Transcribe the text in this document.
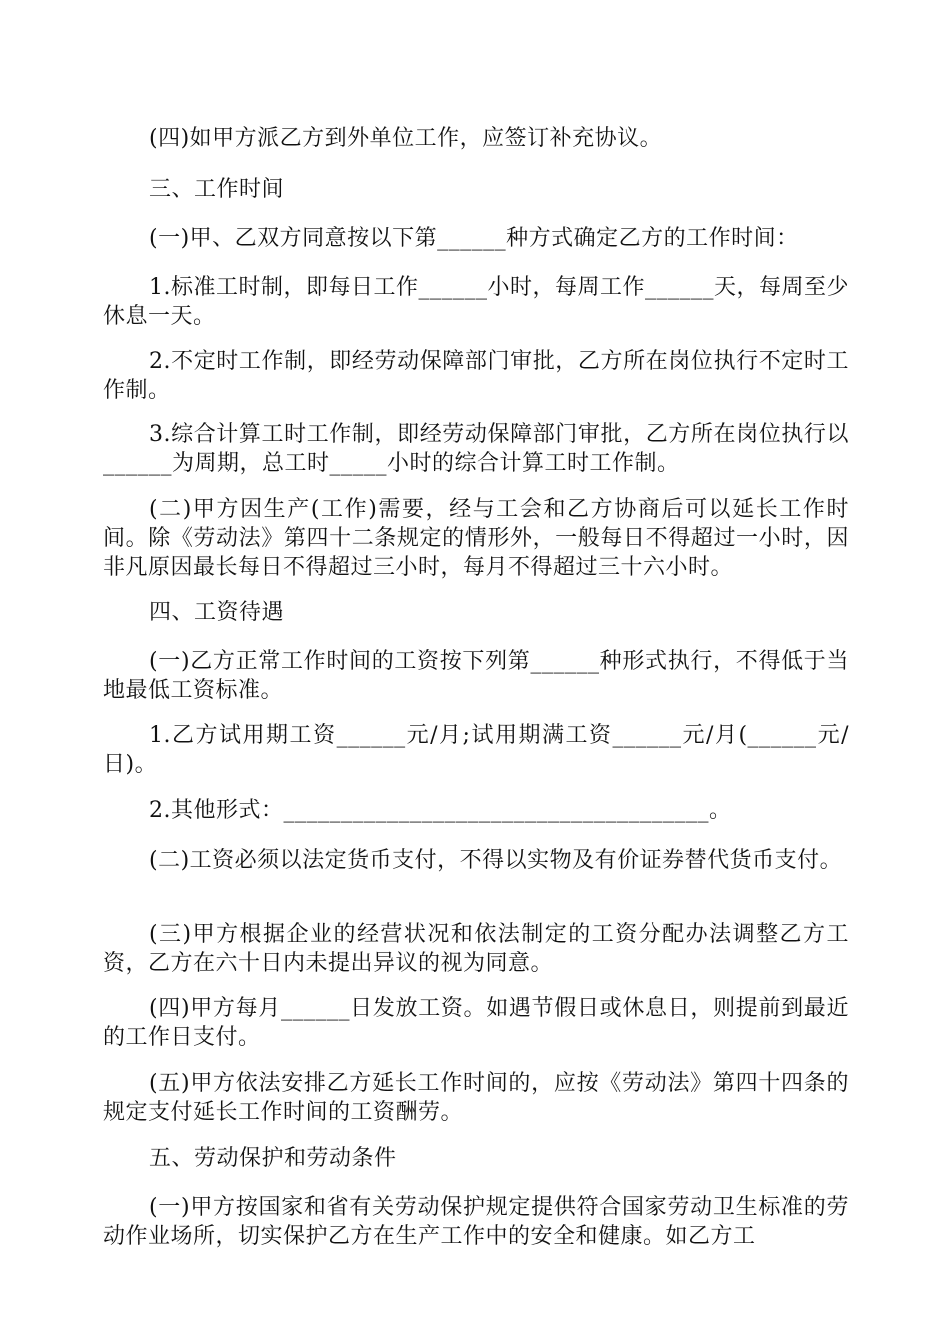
(四)如甲方派乙方到外单位工作，应签订补充协议。

三、工作时间

(一)甲、乙双方同意按以下第______种方式确定乙方的工作时间：

1.标准工时制，即每日工作______小时，每周工作______天，每周至少休息一天。

2.不定时工作制，即经劳动保障部门审批，乙方所在岗位执行不定时工作制。

3.综合计算工时工作制，即经劳动保障部门审批，乙方所在岗位执行以______为周期，总工时_____小时的综合计算工时工作制。

(二)甲方因生产(工作)需要，经与工会和乙方协商后可以延长工作时间。除《劳动法》第四十二条规定的情形外，一般每日不得超过一小时，因非凡原因最长每日不得超过三小时，每月不得超过三十六小时。

四、工资待遇

(一)乙方正常工作时间的工资按下列第______种形式执行，不得低于当地最低工资标准。

1.乙方试用期工资______元/月;试用期满工资______元/月(______元/日)。

2.其他形式：_____________________________________。

(二)工资必须以法定货币支付，不得以实物及有价证券替代货币支付。

(三)甲方根据企业的经营状况和依法制定的工资分配办法调整乙方工资，乙方在六十日内未提出异议的视为同意。

(四)甲方每月______日发放工资。如遇节假日或休息日，则提前到最近的工作日支付。

(五)甲方依法安排乙方延长工作时间的，应按《劳动法》第四十四条的规定支付延长工作时间的工资酬劳。

五、劳动保护和劳动条件

(一)甲方按国家和省有关劳动保护规定提供符合国家劳动卫生标准的劳动作业场所，切实保护乙方在生产工作中的安全和健康。如乙方工
